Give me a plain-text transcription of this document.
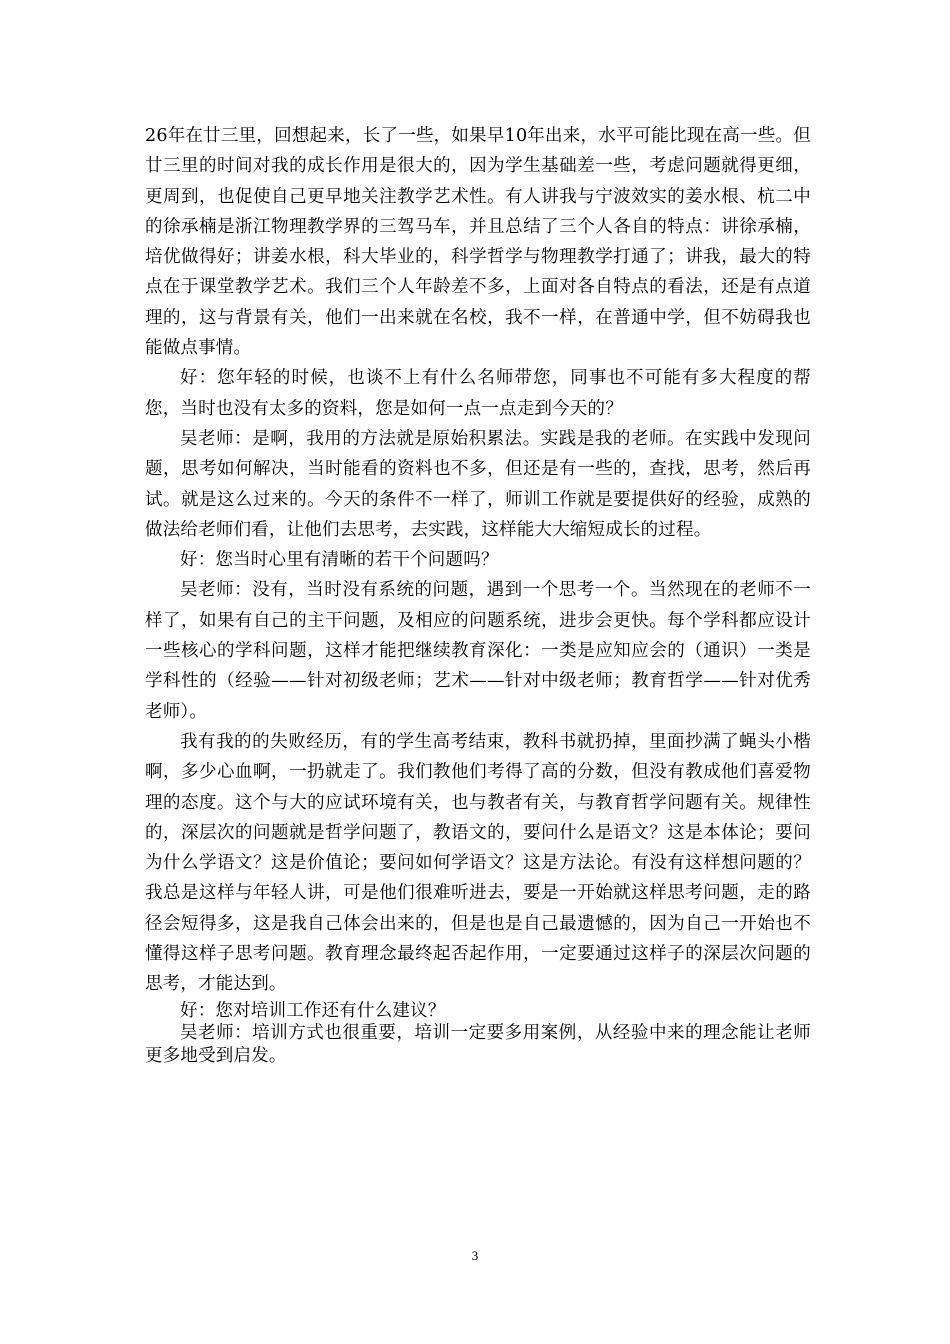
26年在廿三里，回想起来，长了一些，如果早10年出来，水平可能比现在高一些。但廿三里的时间对我的成长作用是很大的，因为学生基础差一些，考虑问题就得更细，更周到，也促使自己更早地关注教学艺术性。有人讲我与宁波效实的姜水根、杭二中的徐承楠是浙江物理教学界的三驾马车，并且总结了三个人各自的特点：讲徐承楠，培优做得好；讲姜水根，科大毕业的，科学哲学与物理教学打通了；讲我，最大的特点在于课堂教学艺术。我们三个人年龄差不多，上面对各自特点的看法，还是有点道理的，这与背景有关，他们一出来就在名校，我不一样，在普通中学，但不妨碍我也能做点事情。

好：您年轻的时候，也谈不上有什么名师带您，同事也不可能有多大程度的帮您，当时也没有太多的资料，您是如何一点一点走到今天的？

吴老师：是啊，我用的方法就是原始积累法。实践是我的老师。在实践中发现问题，思考如何解决，当时能看的资料也不多，但还是有一些的，查找，思考，然后再试。就是这么过来的。今天的条件不一样了，师训工作就是要提供好的经验，成熟的做法给老师们看，让他们去思考，去实践，这样能大大缩短成长的过程。

好：您当时心里有清晰的若干个问题吗？

吴老师：没有，当时没有系统的问题，遇到一个思考一个。当然现在的老师不一样了，如果有自己的主干问题，及相应的问题系统，进步会更快。每个学科都应设计一些核心的学科问题，这样才能把继续教育深化：一类是应知应会的（通识）一类是学科性的（经验——针对初级老师；艺术——针对中级老师；教育哲学——针对优秀老师）。

我有我的的失败经历，有的学生高考结束，教科书就扔掉，里面抄满了蝇头小楷啊，多少心血啊，一扔就走了。我们教他们考得了高的分数，但没有教成他们喜爱物理的态度。这个与大的应试环境有关，也与教者有关，与教育哲学问题有关。规律性的，深层次的问题就是哲学问题了，教语文的，要问什么是语文？这是本体论；要问为什么学语文？这是价值论；要问如何学语文？这是方法论。有没有这样想问题的？我总是这样与年轻人讲，可是他们很难听进去，要是一开始就这样思考问题，走的路径会短得多，这是我自己体会出来的，但是也是自己最遗憾的，因为自己一开始也不懂得这样子思考问题。教育理念最终起否起作用，一定要通过这样子的深层次问题的思考，才能达到。

好：您对培训工作还有什么建议？

吴老师：培训方式也很重要，培训一定要多用案例，从经验中来的理念能让老师更多地受到启发。

3
